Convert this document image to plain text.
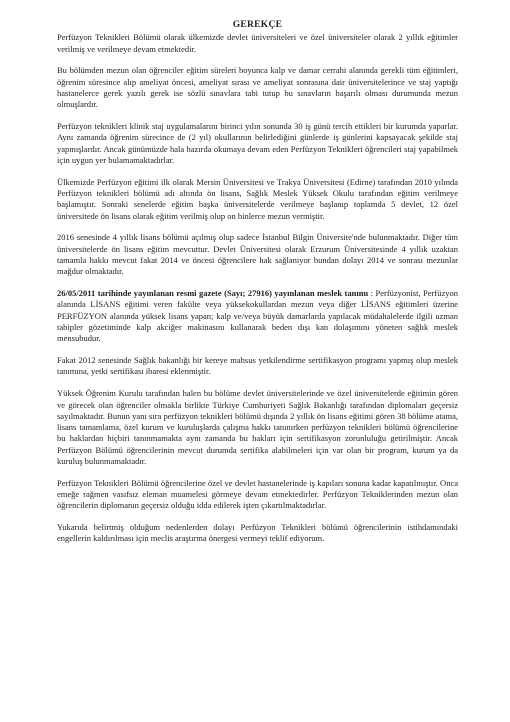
GEREKÇE

Perfüzyon Teknikleri Bölümü olarak ülkemizde devlet üniversiteleri ve özel üniversiteler olarak 2 yıllık eğitimler verilmiş ve verilmeye devam etmektedir.

Bu bölümden mezun olan öğrenciler eğitim süreleri boyunca kalp ve damar cerrahi alanında gerekli tüm eğitimleri, öğrenim süresince alıp ameliyat öncesi, ameliyat sırası ve ameliyat sonrasına dair üniversitelerince ve staj yaptığı hastanelerce gerek yazılı gerek ise sözlü sınavlara tabi tutup bu sınavların başarılı olması durumunda mezun olmuşlardır.

Perfüzyon teknikleri klinik staj uygulamalarını birinci yılın sonunda 30 iş günü tercih ettikleri bir kurumda yaparlar. Aynı zamanda öğrenim sürecince de (2 yıl) okullarının belirlediğini günlerde iş günlerini kapsayacak şekilde staj yapmışlardır. Ancak günümüzde hala hazırda okumaya devam eden Perfüzyon Teknikleri öğrencileri staj yapabilmek için uygun yer bulamamaktadırlar.

Ülkemizde Perfüzyon eğitimi ilk olarak Mersin Üniversitesi ve Trakya Üniversitesi (Edirne) tarafından 2010 yılında Perfüzyon teknikleri bölümü adı altında ön lisans, Sağlık Meslek Yüksek Okulu tarafından eğitim verilmeye başlamıştır. Sonraki senelerde eğitim başka üniversitelerde verilmeye başlanıp toplamda 5 devlet, 12 özel üniversitede ön lisans olarak eğitim verilmiş olup on binlerce mezun vermiştir.

2016 senesinde 4 yıllık lisans bölümü açılmış olup sadece İstanbul Bilgin Üniversite'nde bulunmaktadır. Diğer tüm üniversitelerde ön lisans eğitim mevcuttur. Devlet Üniversitesi olarak Erzurum Üniversitesinde 4 yıllık uzaktan tamamla hakkı mevcut fakat 2014 ve öncesi öğrencilere hak sağlanıyor bundan dolayı 2014 ve sonrası mezunlar mağdur olmaktadır.

26/05/2011 tarihinde yayınlanan resmi gazete (Sayı; 27916) yayınlanan meslek tanımı : Perfüzyonist, Perfüzyon alanında LİSANS eğitimi veren fakülte veya yüksekokullardan mezun veya diğer LİSANS eğitimleri üzerine PERFÜZYON alanında yüksek lisans yapan; kalp ve/veya büyük damarlarda yapılacak müdahalelerde ilgili uzman tabipler gözetiminde kalp akciğer makinasını kullanarak beden dışı kan dolaşımını yöneten sağlık meslek mensubudur.

Fakat 2012 senesinde Sağlık bakanlığı bir kereye mahsus yetkilendirme sertifikasyon programı yapmış olup meslek tanımına, yetki sertifikası ibaresi eklenmiştir.

Yüksek Öğrenim Kurulu tarafından halen bu bölüme devlet üniversitelerinde ve özel üniversitelerde eğitimin gören ve görecek olan öğrenciler olmakla birlikte Türkiye Cumhuriyeti Sağlık Bakanlığı tarafından diplomaları geçersiz sayılmaktadır. Bunun yanı sıra perfüzyon teknikleri bölümü dışında 2 yıllık ön lisans eğitimi gören 38 bölüme atama, lisans tamamlama, özel kurum ve kuruluşlarda çalışma hakkı tanınırken perfüzyon teknikleri bölümü öğrencilerine bu haklardan hiçbiri tanınmamakta aynı zamanda bu hakları için sertifikasyon zorunluluğu getirilmiştir. Ancak Perfüzyon Bölümü öğrencilerinin mevcut durumda sertifika alabilmeleri için var olan bir program, kurum ya da kuruluş bulunmamaktadır.

Perfüzyon Teknikleri Bölümü öğrencilerine özel ve devlet hastanelerinde iş kapıları sonuna kadar kapatılmıştır. Onca emeğe rağmen vasıfsız eleman muamelesi görmeye devam etmektedirler. Perfüzyon Tekniklerinden mezun olan öğrencilerin diplomanın geçersiz olduğu idda edilerek işten çıkartılmaktadırlar.

Yukarıda belirtmiş olduğum nedenlerden dolayı Perfüzyon Teknikleri bölümü öğrencilerinin istihdamındaki engellerin kaldırılması için meclis araştırma önergesi vermeyi teklif ediyorum.
